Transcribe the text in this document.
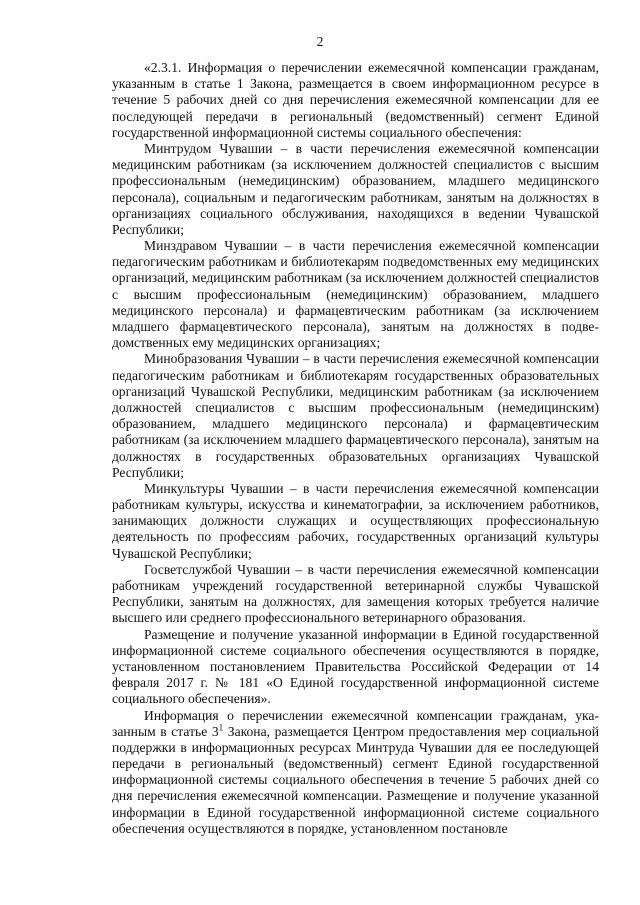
2

«2.3.1. Информация о перечислении ежемесячной компенсации гражданам, указанным в статье 1 Закона, размещается в своем информационном ресурсе в течение 5 рабочих дней со дня перечисления ежемесячной компенсации для ее последующей передачи в региональный (ведомственный) сегмент Единой государственной информационной системы социального обеспечения:

Минтрудом Чувашии – в части перечисления ежемесячной компенсации медицинским работникам (за исключением должностей специалистов с высшим профессиональным (немедицинским) образованием, младшего медицинского персонала), социальным и педагогическим работникам, занятым на должностях в организациях социального обслуживания, находящихся в ведении Чувашской Республики;

Минздравом Чувашии – в части перечисления ежемесячной компенсации педагогическим работникам и библиотекарям подведомственных ему медицинских организаций, медицинским работникам (за исключением должностей специалистов с высшим профессиональным (немедицинским) образованием, младшего медицинского персонала) и фармацевтическим работникам (за исключением младшего фармацевтического персонала), занятым на должностях в подведомственных ему медицинских организациях;

Минобразования Чувашии – в части перечисления ежемесячной компенсации педагогическим работникам и библиотекарям государственных образовательных организаций Чувашской Республики, медицинским работникам (за исключением должностей специалистов с высшим профессиональным (немедицинским) образованием, младшего медицинского персонала) и фармацевтическим работникам (за исключением младшего фармацевтического персонала), занятым на должностях в государственных образовательных организациях Чувашской Республики;

Минкультуры Чувашии – в части перечисления ежемесячной компенсации работникам культуры, искусства и кинематографии, за исключением работников, занимающих должности служащих и осуществляющих профессиональную деятельность по профессиям рабочих, государственных организаций культуры Чувашской Республики;

Госветслужбой Чувашии – в части перечисления ежемесячной компенсации работникам учреждений государственной ветеринарной службы Чувашской Республики, занятым на должностях, для замещения которых требуется наличие высшего или среднего профессионального ветеринарного образования.

Размещение и получение указанной информации в Единой государственной информационной системе социального обеспечения осуществляются в порядке, установленном постановлением Правительства Российской Федерации от 14 февраля 2017 г. № 181 «О Единой государственной информационной системе социального обеспечения».

Информация о перечислении ежемесячной компенсации гражданам, указанным в статье $3^1$ Закона, размещается Центром предоставления мер социальной поддержки в информационных ресурсах Минтруда Чувашии для ее последующей передачи в региональный (ведомственный) сегмент Единой государственной информационной системы социального обеспечения в течение 5 рабочих дней со дня перечисления ежемесячной компенсации. Размещение и получение указанной информации в Единой государственной информационной системе социального обеспечения осуществляются в порядке, установленном постановле
